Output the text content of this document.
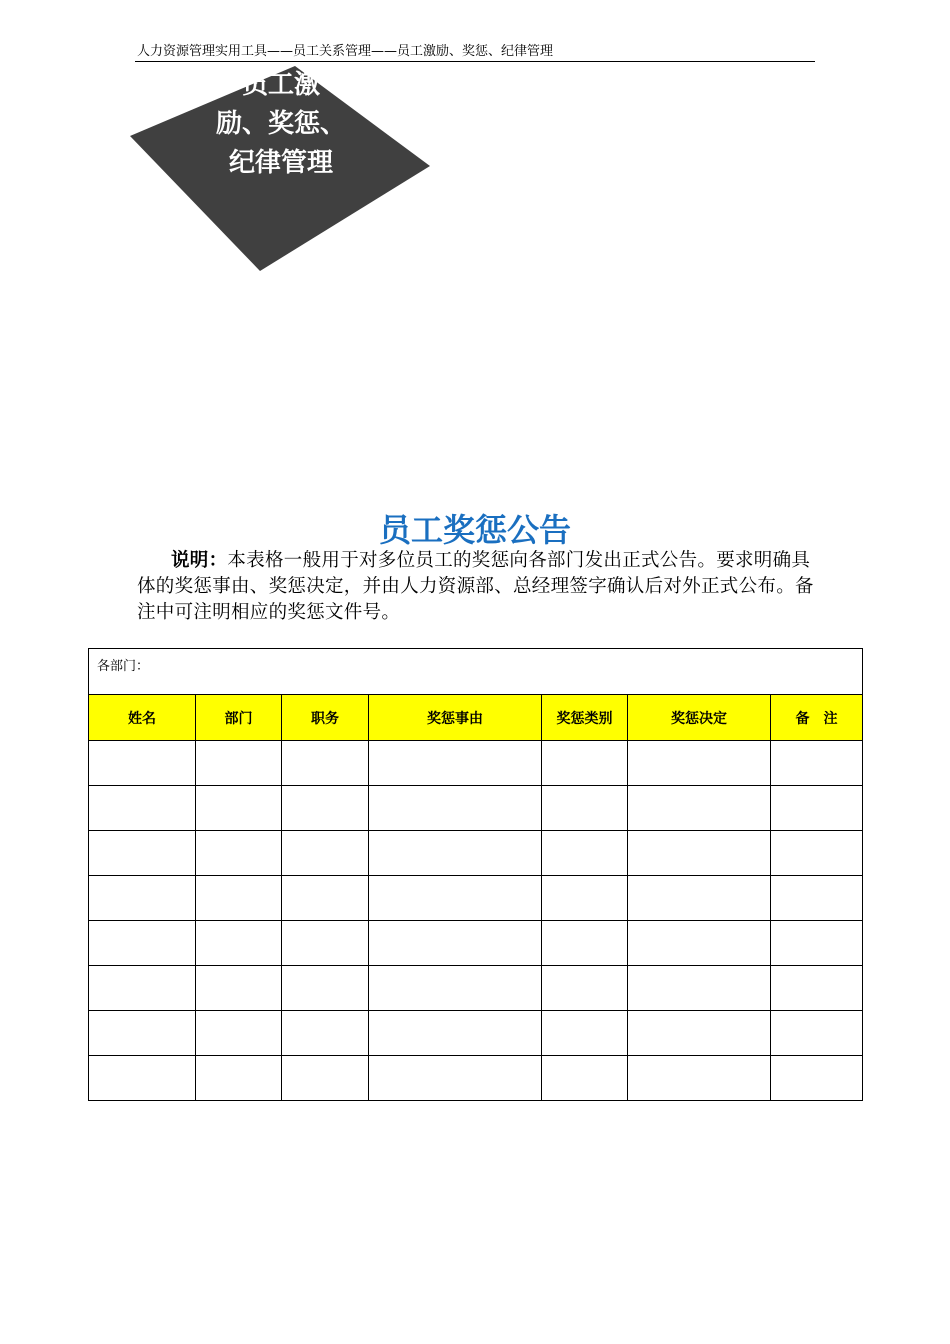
人力资源管理实用工具——员工关系管理——员工激励、奖惩、纪律管理
员工激
励、奖惩、
纪律管理
员工奖惩公告
说明：本表格一般用于对多位员工的奖惩向各部门发出正式公告。要求明确具体的奖惩事由、奖惩决定，并由人力资源部、总经理签字确认后对外正式公布。备注中可注明相应的奖惩文件号。
各部门：						

姓名	部门	职务	奖惩事由	奖惩类别	奖惩决定	备　注
